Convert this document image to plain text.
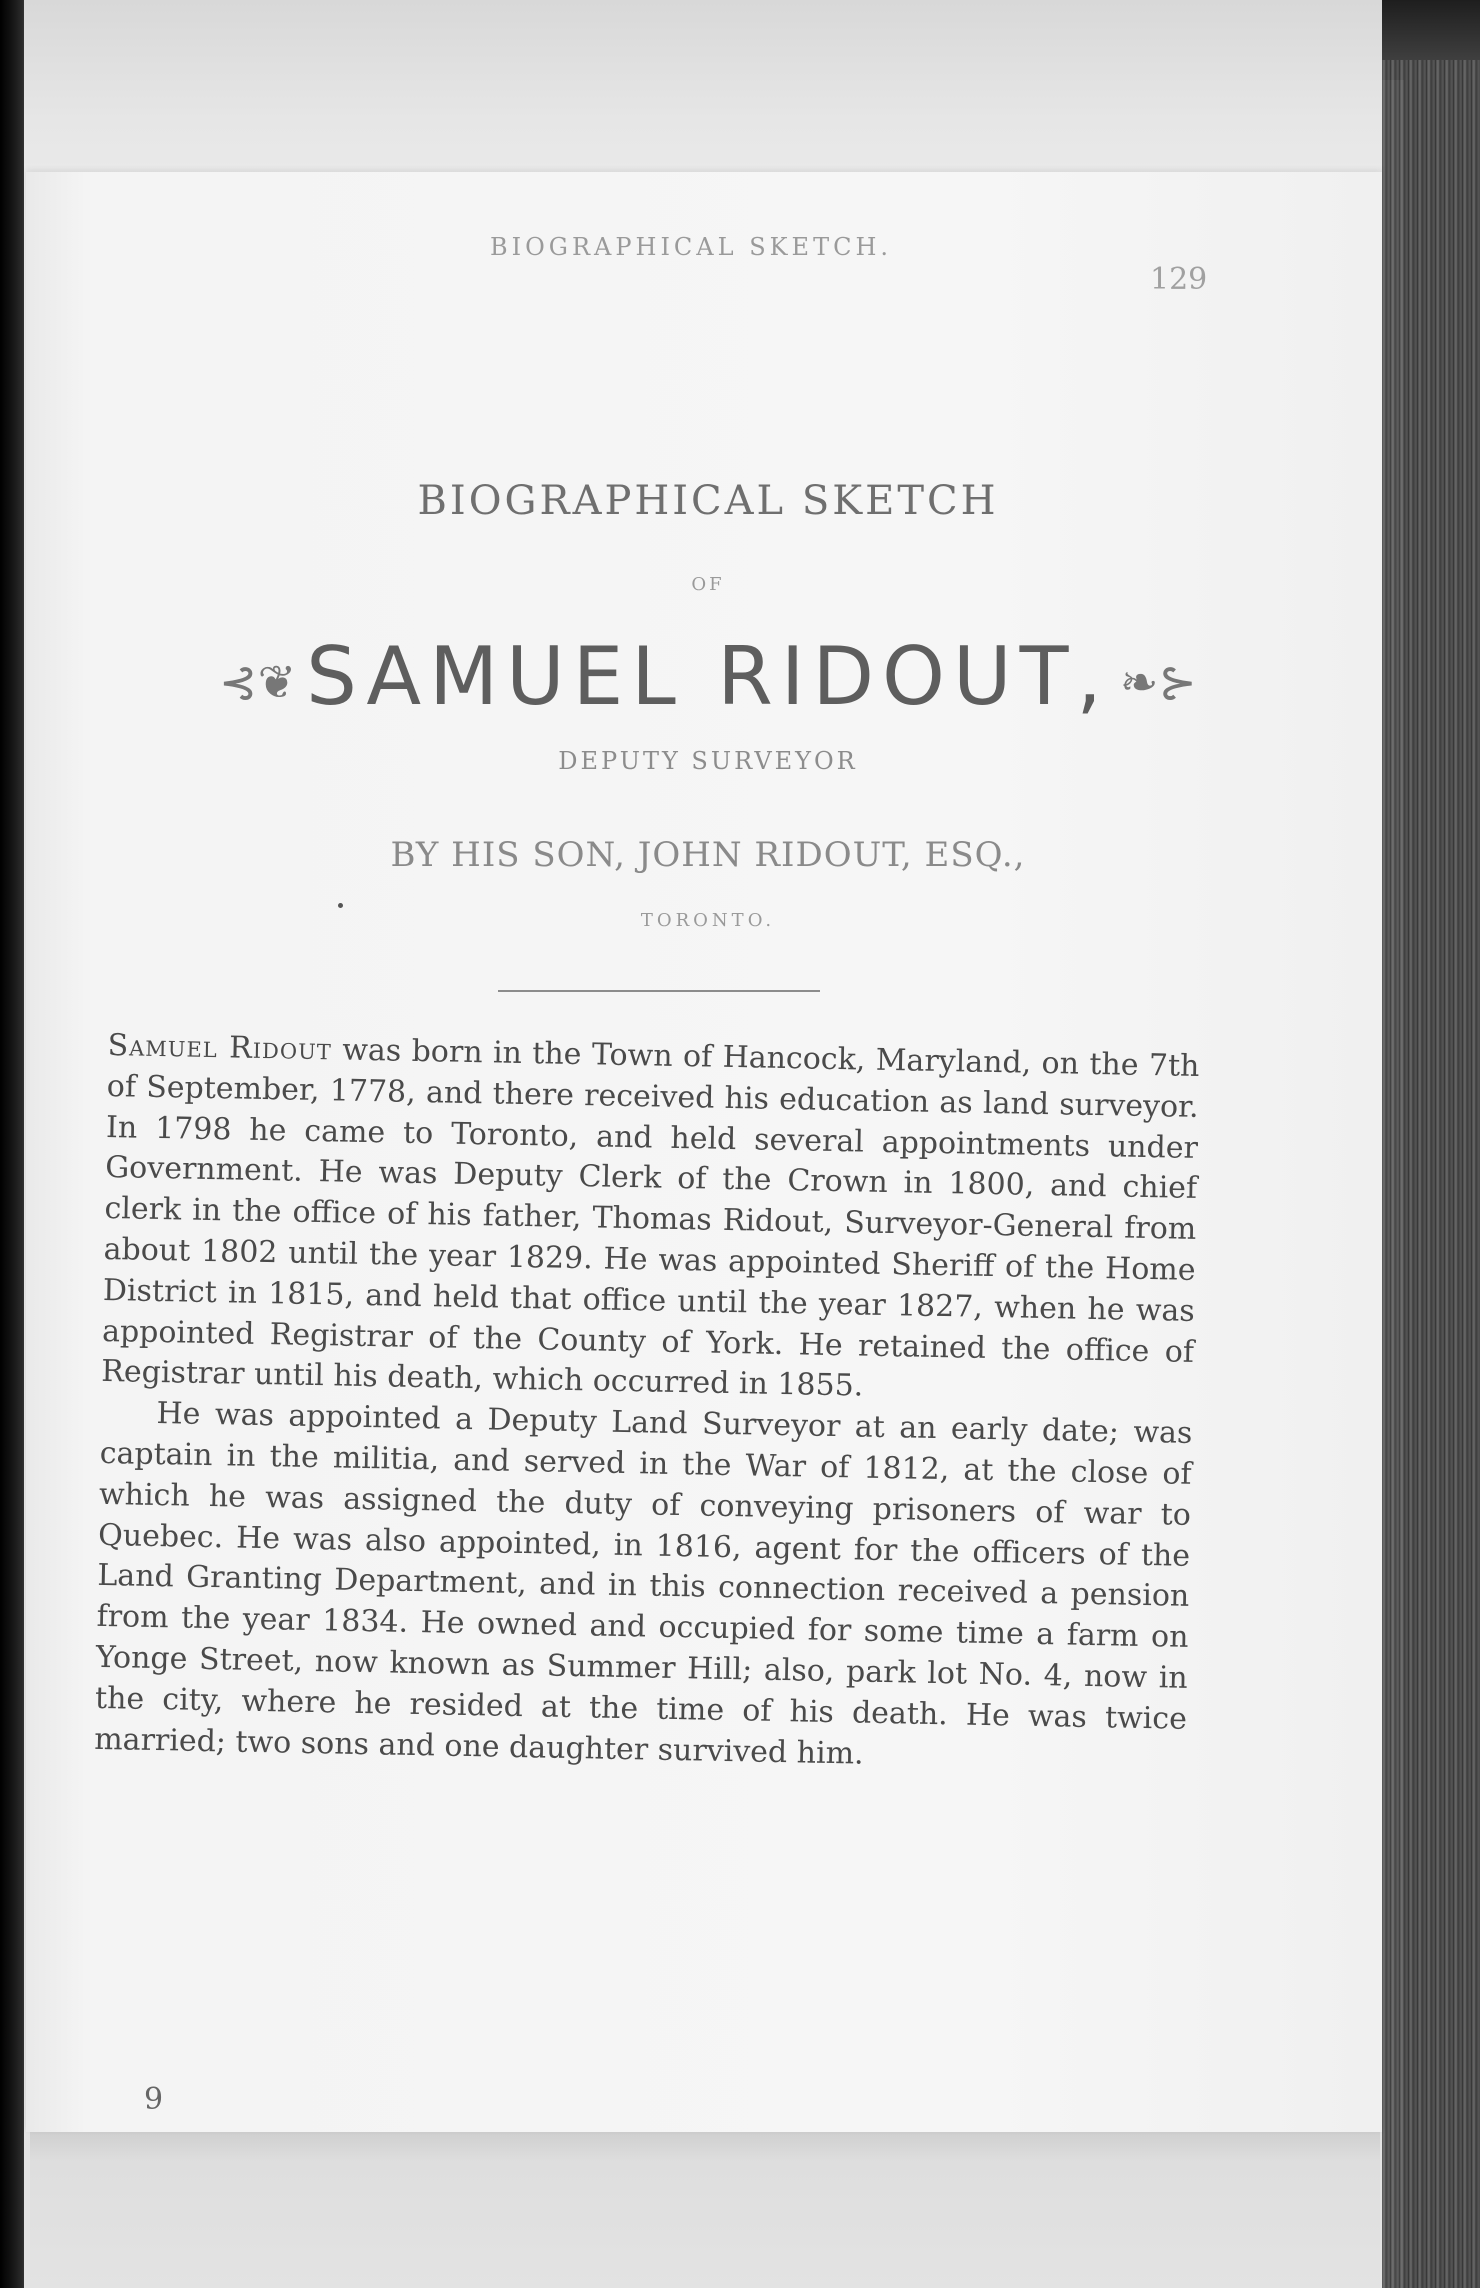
BIOGRAPHICAL SKETCH.
129
BIOGRAPHICAL SKETCH
OF
⊰❦ SAMUEL RIDOUT, ❧⊱
DEPUTY SURVEYOR
BY HIS SON, JOHN RIDOUT, ESQ.,
TORONTO.

Samuel Ridout was born in the Town of Hancock, Maryland, on the 7th of September, 1778, and there received his education as land surveyor. In 1798 he came to Toronto, and held several appointments under Government. He was Deputy Clerk of the Crown in 1800, and chief clerk in the office of his father, Thomas Ridout, Surveyor-General from about 1802 until the year 1829. He was appointed Sheriff of the Home District in 1815, and held that office until the year 1827, when he was appointed Registrar of the County of York. He retained the office of Registrar until his death, which occurred in 1855.

He was appointed a Deputy Land Surveyor at an early date; was captain in the militia, and served in the War of 1812, at the close of which he was assigned the duty of conveying prisoners of war to Quebec. He was also appointed, in 1816, agent for the officers of the Land Granting Department, and in this connection received a pension from the year 1834. He owned and occupied for some time a farm on Yonge Street, now known as Summer Hill; also, park lot No. 4, now in the city, where he resided at the time of his death. He was twice married; two sons and one daughter survived him.

9
